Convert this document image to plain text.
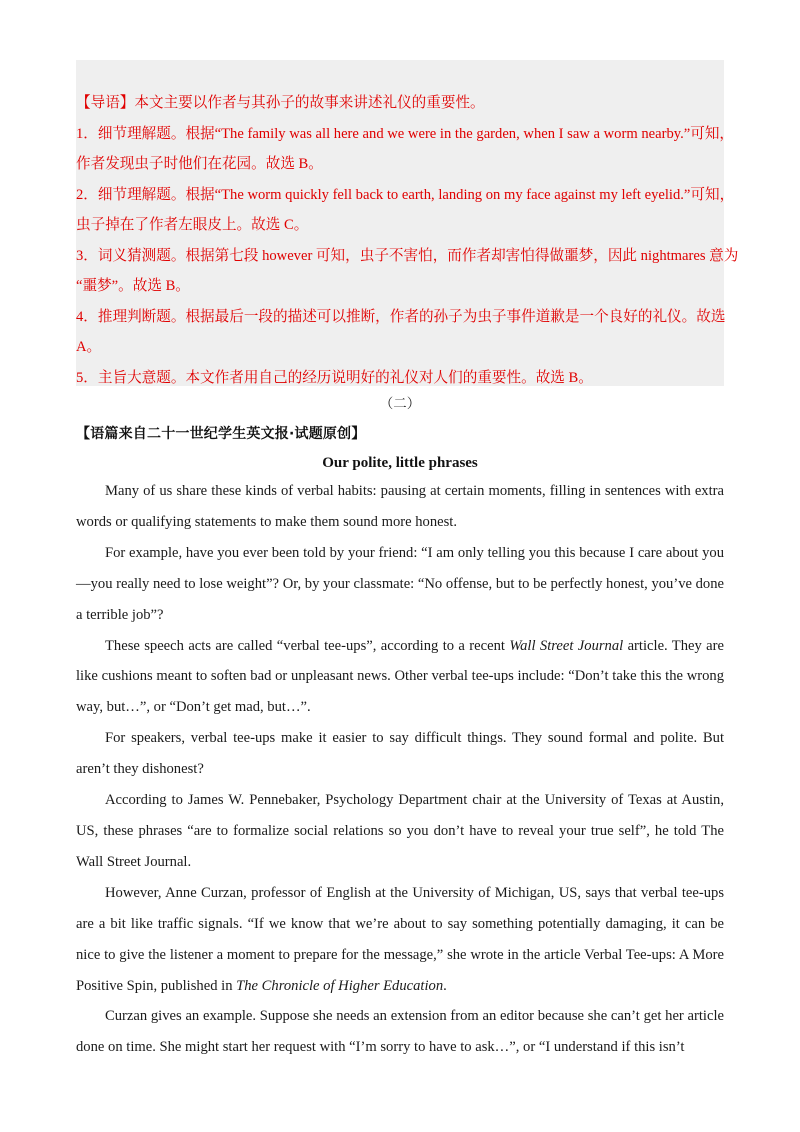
【导语】本文主要以作者与其孙子的故事来讲述礼仪的重要性。

1．细节理解题。根据“The family was all here and we were in the garden, when I saw a worm nearby.”可知，

作者发现虫子时他们在花园。故选 B。

2．细节理解题。根据“The worm quickly fell back to earth, landing on my face against my left eyelid.”可知，

虫子掉在了作者左眼皮上。故选 C。

3．词义猜测题。根据第七段 however 可知，虫子不害怕，而作者却害怕得做噩梦，因此 nightmares 意为

“噩梦”。故选 B。

4．推理判断题。根据最后一段的描述可以推断，作者的孙子为虫子事件道歉是一个良好的礼仪。故选

A。

5．主旨大意题。本文作者用自己的经历说明好的礼仪对人们的重要性。故选 B。

（二）
【语篇来自二十一世纪学生英文报·试题原创】
Our polite, little phrases

Many of us share these kinds of verbal habits: pausing at certain moments, filling in sentences with extra words or qualifying statements to make them sound more honest.

For example, have you ever been told by your friend: “I am only telling you this because I care about you—you really need to lose weight”? Or, by your classmate: “No offense, but to be perfectly honest, you’ve done a terrible job”?

These speech acts are called “verbal tee-ups”, according to a recent Wall Street Journal article. They are like cushions meant to soften bad or unpleasant news. Other verbal tee-ups include: “Don’t take this the wrong way, but…”, or “Don’t get mad, but…”.

For speakers, verbal tee-ups make it easier to say difficult things. They sound formal and polite. But aren’t they dishonest?

According to James W. Pennebaker, Psychology Department chair at the University of Texas at Austin, US, these phrases “are to formalize social relations so you don’t have to reveal your true self”, he told The Wall Street Journal.

However, Anne Curzan, professor of English at the University of Michigan, US, says that verbal tee-ups are a bit like traffic signals. “If we know that we’re about to say something potentially damaging, it can be nice to give the listener a moment to prepare for the message,” she wrote in the article Verbal Tee-ups: A More Positive Spin, published in The Chronicle of Higher Education.

Curzan gives an example. Suppose she needs an extension from an editor because she can’t get her article done on time. She might start her request with “I’m sorry to have to ask…”, or “I understand if this isn’t
